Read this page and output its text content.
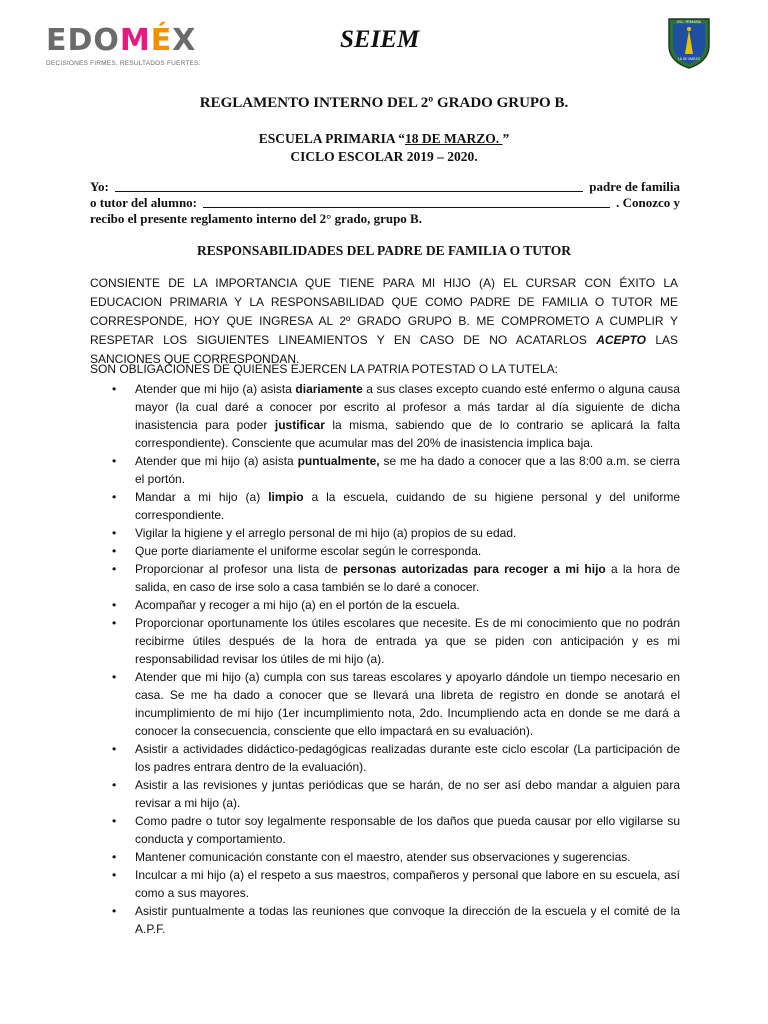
EDOMÉX
DECISIONES FIRMES, RESULTADOS FUERTES.
SEIEM
ESC. PRIMARIA
18 DE MARZO
REGLAMENTO INTERNO DEL 2º GRADO GRUPO B.
ESCUELA PRIMARIA “18 DE MARZO. ”
CICLO ESCOLAR 2019 – 2020.
Yo:	padre de familia
o tutor del alumno:	. Conozco y
recibo el presente reglamento interno del 2° grado, grupo B.
RESPONSABILIDADES DEL PADRE DE FAMILIA O TUTOR
CONSIENTE DE LA IMPORTANCIA QUE TIENE PARA MI HIJO (A) EL CURSAR CON ÉXITO LA EDUCACION PRIMARIA Y LA RESPONSABILIDAD QUE COMO PADRE DE FAMILIA O TUTOR ME CORRESPONDE, HOY QUE INGRESA AL 2º GRADO GRUPO B. ME COMPROMETO A CUMPLIR Y RESPETAR LOS SIGUIENTES LINEAMIENTOS Y EN CASO DE NO ACATARLOS ACEPTO LAS SANCIONES QUE CORRESPONDAN.
SON OBLIGACIONES DE QUIENES EJERCEN LA PATRIA POTESTAD O LA TUTELA:
• Atender que mi hijo (a) asista diariamente a sus clases excepto cuando esté enfermo o alguna causa mayor (la cual daré a conocer por escrito al profesor a más tardar al día siguiente de dicha inasistencia para poder justificar la misma, sabiendo que de lo contrario se aplicará la falta correspondiente). Consciente que acumular mas del 20% de inasistencia implica baja.
• Atender que mi hijo (a) asista puntualmente, se me ha dado a conocer que a las 8:00 a.m. se cierra el portón.
• Mandar a mi hijo (a) limpio a la escuela, cuidando de su higiene personal y del uniforme correspondiente.
• Vigilar la higiene y el arreglo personal de mi hijo (a) propios de su edad.
• Que porte diariamente el uniforme escolar según le corresponda.
• Proporcionar al profesor una lista de personas autorizadas para recoger a mi hijo a la hora de salida, en caso de irse solo a casa también se lo daré a conocer.
• Acompañar y recoger a mi hijo (a) en el portón de la escuela.
• Proporcionar oportunamente los útiles escolares que necesite. Es de mi conocimiento que no podrán recibirme útiles después de la hora de entrada ya que se piden con anticipación y es mi responsabilidad revisar los útiles de mi hijo (a).
• Atender que mi hijo (a) cumpla con sus tareas escolares y apoyarlo dándole un tiempo necesario en casa. Se me ha dado a conocer que se llevará una libreta de registro en donde se anotará el incumplimiento de mi hijo (1er incumplimiento nota, 2do. Incumpliendo acta en donde se me dará a conocer la consecuencia, consciente que ello impactará en su evaluación).
• Asistir a actividades didáctico-pedagógicas realizadas durante este ciclo escolar (La participación de los padres entrara dentro de la evaluación).
• Asistir a las revisiones y juntas periódicas que se harán, de no ser así debo mandar a alguien para revisar a mi hijo (a).
• Como padre o tutor soy legalmente responsable de los daños que pueda causar por ello vigilarse su conducta y comportamiento.
• Mantener comunicación constante con el maestro, atender sus observaciones y sugerencias.
• Inculcar a mi hijo (a) el respeto a sus maestros, compañeros y personal que labore en su escuela, así como a sus mayores.
• Asistir puntualmente a todas las reuniones que convoque la dirección de la escuela y el comité de la A.P.F.
